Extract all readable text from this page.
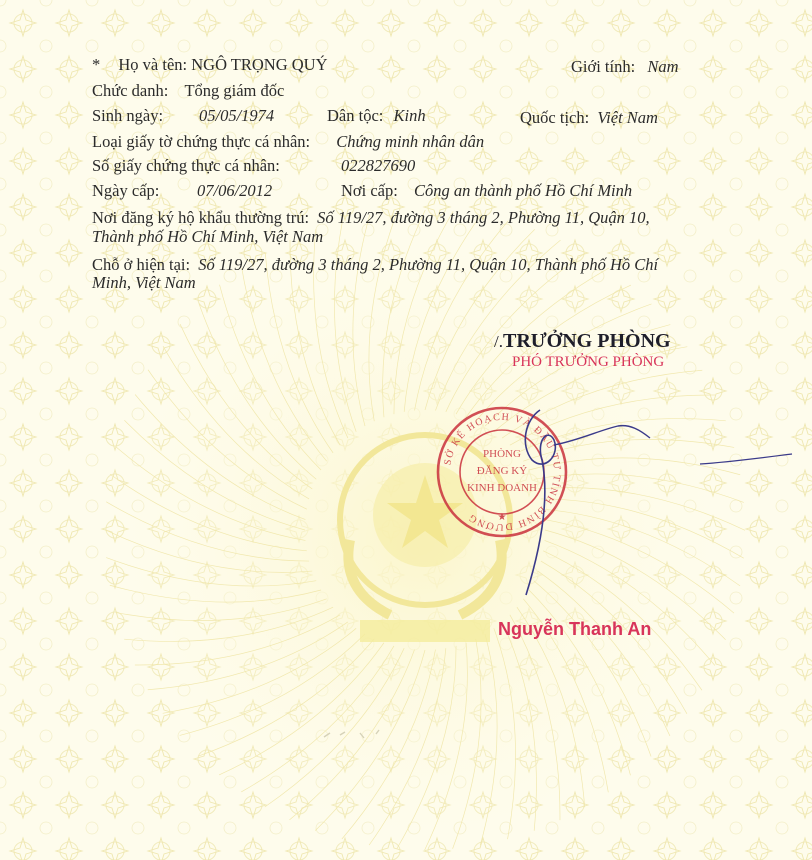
* Họ và tên: NGÔ TRỌNG QUÝ	Giới tính: Nam
Chức danh: Tổng giám đốc
Sinh ngày: 05/05/1974	Dân tộc: Kinh	Quốc tịch: Việt Nam
Loại giấy tờ chứng thực cá nhân: Chứng minh nhân dân
Số giấy chứng thực cá nhân:	022827690
Ngày cấp: 07/06/2012	Nơi cấp: Công an thành phố Hồ Chí Minh
Nơi đăng ký hộ khẩu thường trú: Số 119/27, đường 3 tháng 2, Phường 11, Quận 10,
Thành phố Hồ Chí Minh, Việt Nam
Chỗ ở hiện tại: Số 119/27, đường 3 tháng 2, Phường 11, Quận 10, Thành phố Hồ Chí
Minh, Việt Nam
/.TRƯỞNG PHÒNG
PHÓ TRƯỞNG PHÒNG
SỞ KẾ HOẠCH VÀ ĐẦU TƯ TỈNH BÌNH DƯƠNG
PHÒNG
ĐĂNG KÝ
KINH DOANH
★
Nguyễn Thanh An
